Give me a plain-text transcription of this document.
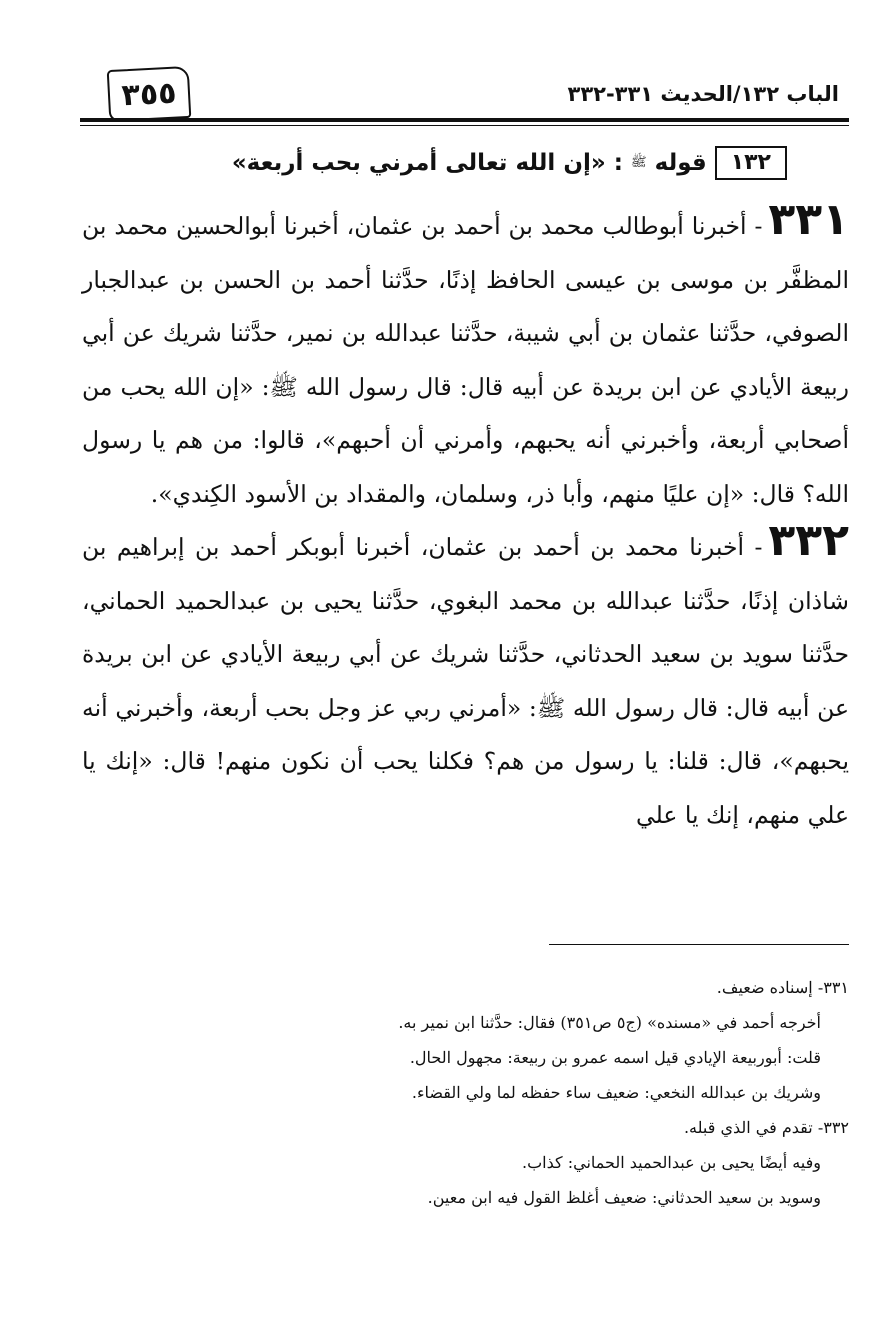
الباب ١٣٢/الحديث ٣٣١-٣٣٢
٣٥٥
١٣٢
قوله
ﷺ
: «إن الله تعالى أمرني بحب أربعة»

٣٣١- أخبرنا أبوطالب محمد بن أحمد بن عثمان، أخبرنا أبوالحسين محمد بن المظفَّر بن موسى بن عيسى الحافظ إذنًا، حدَّثنا أحمد بن الحسن بن عبدالجبار الصوفي، حدَّثنا عثمان بن أبي شيبة، حدَّثنا عبدالله بن نمير، حدَّثنا شريك عن أبي ربيعة الأيادي عن ابن بريدة عن أبيه قال: قال رسول الله ﷺ: «إن الله يحب من أصحابي أربعة، وأخبرني أنه يحبهم، وأمرني أن أحبهم»، قالوا: من هم يا رسول الله؟ قال: «إن عليًا منهم، وأبا ذر، وسلمان، والمقداد بن الأسود الكِندي».

٣٣٢- أخبرنا محمد بن أحمد بن عثمان، أخبرنا أبوبكر أحمد بن إبراهيم بن شاذان إذنًا، حدَّثنا عبدالله بن محمد البغوي، حدَّثنا يحيى بن عبدالحميد الحماني، حدَّثنا سويد بن سعيد الحدثاني، حدَّثنا شريك عن أبي ربيعة الأيادي عن ابن بريدة عن أبيه قال: قال رسول الله ﷺ: «أمرني ربي عز وجل بحب أربعة، وأخبرني أنه يحبهم»، قال: قلنا: يا رسول من هم؟ فكلنا يحب أن نكون منهم! قال: «إنك يا علي منهم، إنك يا علي

٣٣١- إسناده ضعيف.

أخرجه أحمد في «مسنده» (ج٥ ص٣٥١) فقال: حدَّثنا ابن نمير به.

قلت: أبوربيعة الإيادي قيل اسمه عمرو بن ربيعة: مجهول الحال.

وشريك بن عبدالله النخعي: ضعيف ساء حفظه لما ولي القضاء.

٣٣٢- تقدم في الذي قبله.

وفيه أيضًا يحيى بن عبدالحميد الحماني: كذاب.

وسويد بن سعيد الحدثاني: ضعيف أغلظ القول فيه ابن معين.
